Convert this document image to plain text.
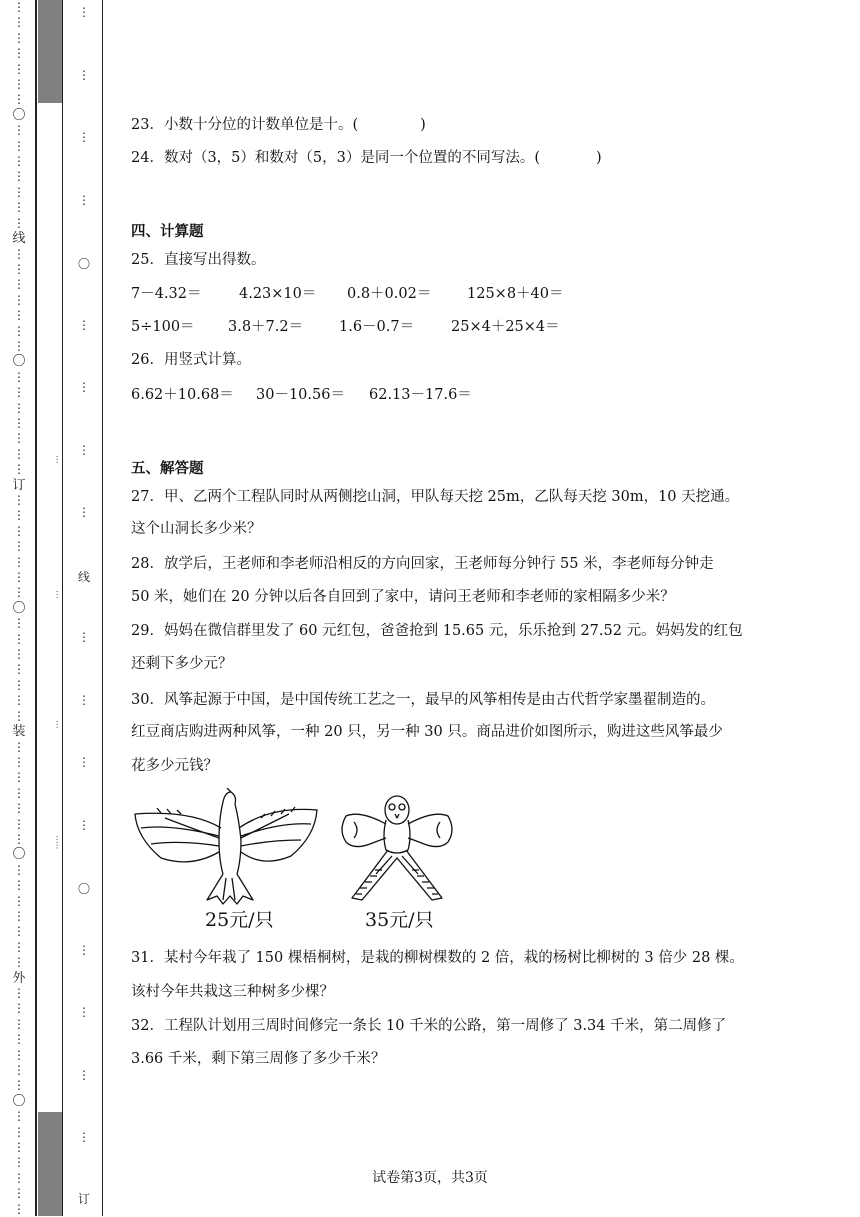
⋮
⋮
⋮
⋮
⋮
⋮
⋮
〇
⋮
⋮
⋮
⋮
⋮
⋮
⋮
线
⋮
⋮
⋮
⋮
⋮
⋮
⋮
〇
⋮
⋮
⋮
⋮
⋮
⋮
⋮
订
⋮
⋮
⋮
⋮
⋮
⋮
⋮
〇
⋮
⋮
⋮
⋮
⋮
⋮
⋮
装
⋮
⋮
⋮
⋮
⋮
⋮
⋮
〇
⋮
⋮
⋮
⋮
⋮
⋮
⋮
外
⋮
⋮
⋮
⋮
⋮
⋮
⋮
〇
⋮
⋮
⋮
⋮
⋮
⋮
⋮
···
···
···
·····
23．小数十分位的计数单位是十。(	)
24．数对（3，5）和数对（5，3）是同一个位置的不同写法。(	)
四、计算题
25．直接写出得数。
7－4.32＝	4.23×10＝ 0.8＋0.02＝ 125×8＋40＝
5÷100＝ 3.8＋7.2＝ 1.6－0.7＝	25×4＋25×4＝
26．用竖式计算。
6.62＋10.68＝ 30－10.56＝ 62.13－17.6＝
五、解答题
27．甲、乙两个工程队同时从两侧挖山洞，甲队每天挖 25m，乙队每天挖 30m，10 天挖通。
这个山洞长多少米？
28．放学后，王老师和李老师沿相反的方向回家，王老师每分钟行 55 米，李老师每分钟走
50 米，她们在 20 分钟以后各自回到了家中，请问王老师和李老师的家相隔多少米？
29．妈妈在微信群里发了 60 元红包，爸爸抢到 15.65 元，乐乐抢到 27.52 元。妈妈发的红包
还剩下多少元？
30．风筝起源于中国，是中国传统工艺之一，最早的风筝相传是由古代哲学家墨翟制造的。
红豆商店购进两种风筝，一种 20 只，另一种 30 只。商品进价如图所示，购进这些风筝最少
花多少元钱？
25元/只	35元/只
31．某村今年栽了 150 棵梧桐树，是栽的柳树棵数的 2 倍，栽的杨树比柳树的 3 倍少 28 棵。
该村今年共栽这三种树多少棵？
32．工程队计划用三周时间修完一条长 10 千米的公路，第一周修了 3.34 千米，第二周修了
3.66 千米，剩下第三周修了多少千米？
试卷第3页，共3页
⋮
⋮
⋮
⋮
〇
⋮
⋮
⋮
⋮
线
⋮
⋮
⋮
⋮
〇
⋮
⋮
⋮
⋮
订
